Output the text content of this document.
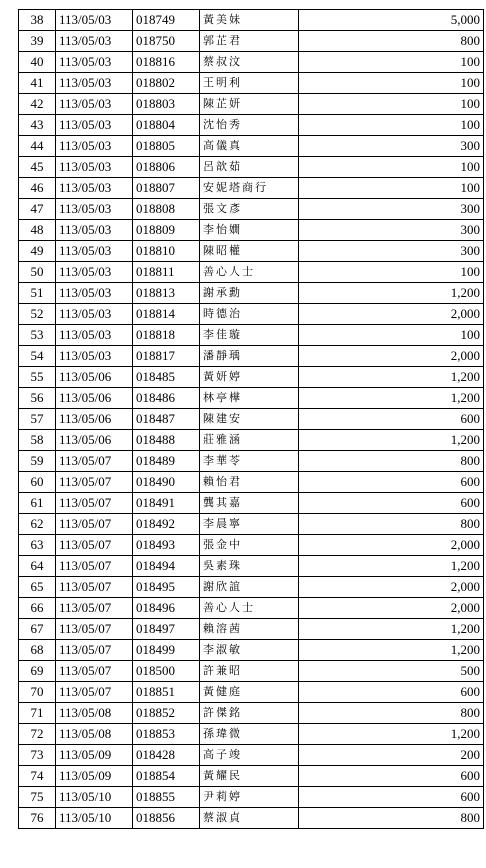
38	113/05/03	018749	黃美妹	5,000
39	113/05/03	018750	郭芷君	800
40	113/05/03	018816	蔡叔汶	100
41	113/05/03	018802	王明利	100
42	113/05/03	018803	陳芷妍	100
43	113/05/03	018804	沈怡秀	100
44	113/05/03	018805	高儀真	300
45	113/05/03	018806	呂歆茹	100
46	113/05/03	018807	安妮塔商行	100
47	113/05/03	018808	張文彥	300
48	113/05/03	018809	李怡嫺	300
49	113/05/03	018810	陳昭權	300
50	113/05/03	018811	善心人士	100
51	113/05/03	018813	謝承勳	1,200
52	113/05/03	018814	時德治	2,000
53	113/05/03	018818	李佳璇	100
54	113/05/03	018817	潘靜瑀	2,000
55	113/05/06	018485	黃妍婷	1,200
56	113/05/06	018486	林亭樺	1,200
57	113/05/06	018487	陳建安	600
58	113/05/06	018488	莊雅涵	1,200
59	113/05/07	018489	李華苓	800
60	113/05/07	018490	賴怡君	600
61	113/05/07	018491	龔其嘉	600
62	113/05/07	018492	李晨寧	800
63	113/05/07	018493	張金中	2,000
64	113/05/07	018494	吳素珠	1,200
65	113/05/07	018495	謝欣誼	2,000
66	113/05/07	018496	善心人士	2,000
67	113/05/07	018497	賴溶茜	1,200
68	113/05/07	018499	李淑敏	1,200
69	113/05/07	018500	許兼昭	500
70	113/05/07	018851	黃健庭	600
71	113/05/08	018852	許傑銘	800
72	113/05/08	018853	孫瑋微	1,200
73	113/05/09	018428	高子竣	200
74	113/05/09	018854	黃耀民	600
75	113/05/10	018855	尹莉婷	600
76	113/05/10	018856	蔡淑貞	800
